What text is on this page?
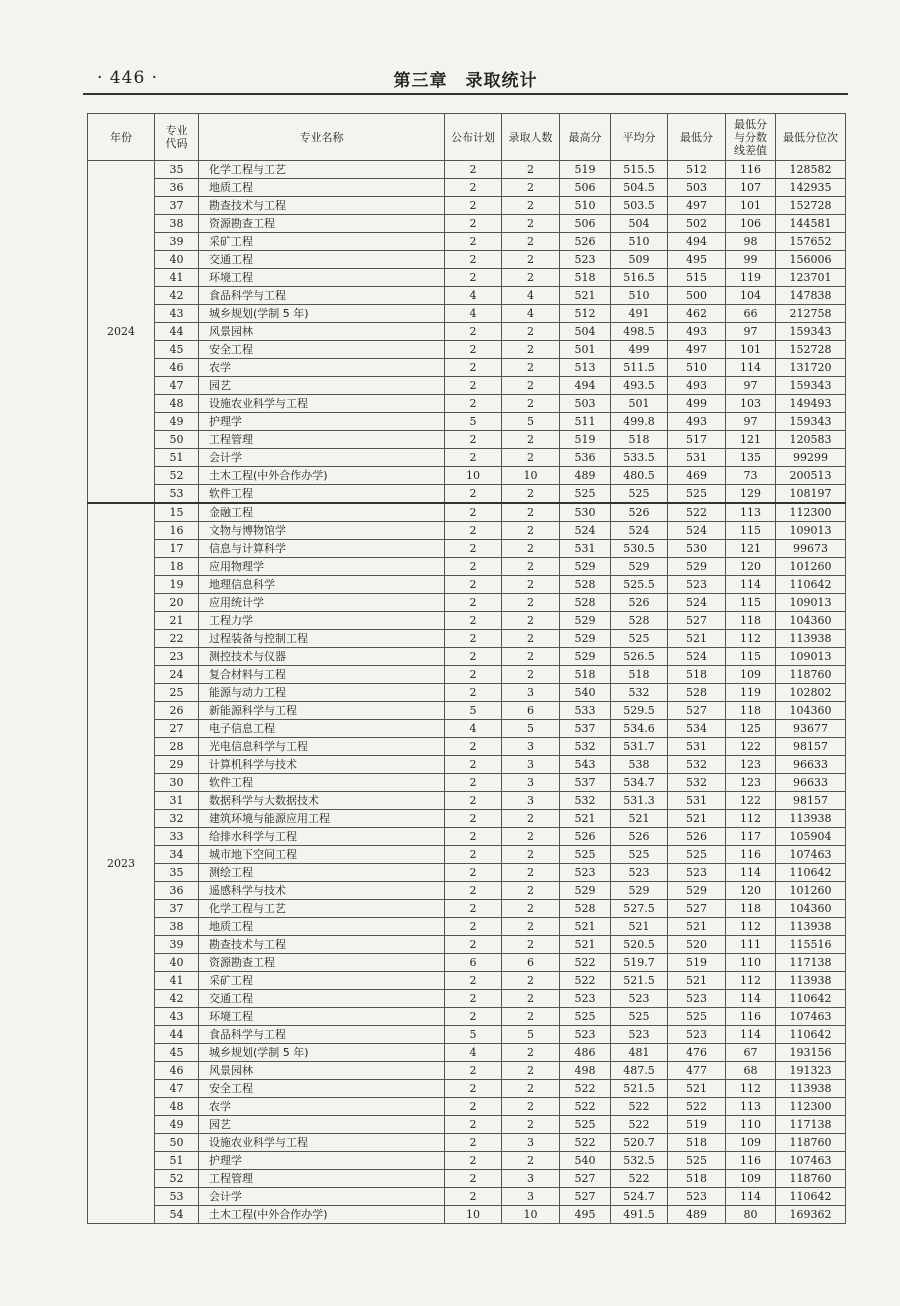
· 446 ·	第三章　录取统计
年份	专业代码	专业名称	公布计划	录取人数	最高分	平均分	最低分	最低分与分数线差值	最低分位次
2024	35	化学工程与工艺	2	2	519	515.5	512	116	128582
	36	地质工程	2	2	506	504.5	503	107	142935
	37	勘查技术与工程	2	2	510	503.5	497	101	152728
	38	资源勘查工程	2	2	506	504	502	106	144581
	39	采矿工程	2	2	526	510	494	98	157652
	40	交通工程	2	2	523	509	495	99	156006
	41	环境工程	2	2	518	516.5	515	119	123701
	42	食品科学与工程	4	4	521	510	500	104	147838
	43	城乡规划(学制 5 年)	4	4	512	491	462	66	212758
	44	风景园林	2	2	504	498.5	493	97	159343
	45	安全工程	2	2	501	499	497	101	152728
	46	农学	2	2	513	511.5	510	114	131720
	47	园艺	2	2	494	493.5	493	97	159343
	48	设施农业科学与工程	2	2	503	501	499	103	149493
	49	护理学	5	5	511	499.8	493	97	159343
	50	工程管理	2	2	519	518	517	121	120583
	51	会计学	2	2	536	533.5	531	135	99299
	52	土木工程(中外合作办学)	10	10	489	480.5	469	73	200513
	53	软件工程	2	2	525	525	525	129	108197
2023	15	金融工程	2	2	530	526	522	113	112300
	16	文物与博物馆学	2	2	524	524	524	115	109013
	17	信息与计算科学	2	2	531	530.5	530	121	99673
	18	应用物理学	2	2	529	529	529	120	101260
	19	地理信息科学	2	2	528	525.5	523	114	110642
	20	应用统计学	2	2	528	526	524	115	109013
	21	工程力学	2	2	529	528	527	118	104360
	22	过程装备与控制工程	2	2	529	525	521	112	113938
	23	测控技术与仪器	2	2	529	526.5	524	115	109013
	24	复合材料与工程	2	2	518	518	518	109	118760
	25	能源与动力工程	2	3	540	532	528	119	102802
	26	新能源科学与工程	5	6	533	529.5	527	118	104360
	27	电子信息工程	4	5	537	534.6	534	125	93677
	28	光电信息科学与工程	2	3	532	531.7	531	122	98157
	29	计算机科学与技术	2	3	543	538	532	123	96633
	30	软件工程	2	3	537	534.7	532	123	96633
	31	数据科学与大数据技术	2	3	532	531.3	531	122	98157
	32	建筑环境与能源应用工程	2	2	521	521	521	112	113938
	33	给排水科学与工程	2	2	526	526	526	117	105904
	34	城市地下空间工程	2	2	525	525	525	116	107463
	35	测绘工程	2	2	523	523	523	114	110642
	36	遥感科学与技术	2	2	529	529	529	120	101260
	37	化学工程与工艺	2	2	528	527.5	527	118	104360
	38	地质工程	2	2	521	521	521	112	113938
	39	勘查技术与工程	2	2	521	520.5	520	111	115516
	40	资源勘查工程	6	6	522	519.7	519	110	117138
	41	采矿工程	2	2	522	521.5	521	112	113938
	42	交通工程	2	2	523	523	523	114	110642
	43	环境工程	2	2	525	525	525	116	107463
	44	食品科学与工程	5	5	523	523	523	114	110642
	45	城乡规划(学制 5 年)	4	2	486	481	476	67	193156
	46	风景园林	2	2	498	487.5	477	68	191323
	47	安全工程	2	2	522	521.5	521	112	113938
	48	农学	2	2	522	522	522	113	112300
	49	园艺	2	2	525	522	519	110	117138
	50	设施农业科学与工程	2	3	522	520.7	518	109	118760
	51	护理学	2	2	540	532.5	525	116	107463
	52	工程管理	2	3	527	522	518	109	118760
	53	会计学	2	3	527	524.7	523	114	110642
	54	土木工程(中外合作办学)	10	10	495	491.5	489	80	169362
